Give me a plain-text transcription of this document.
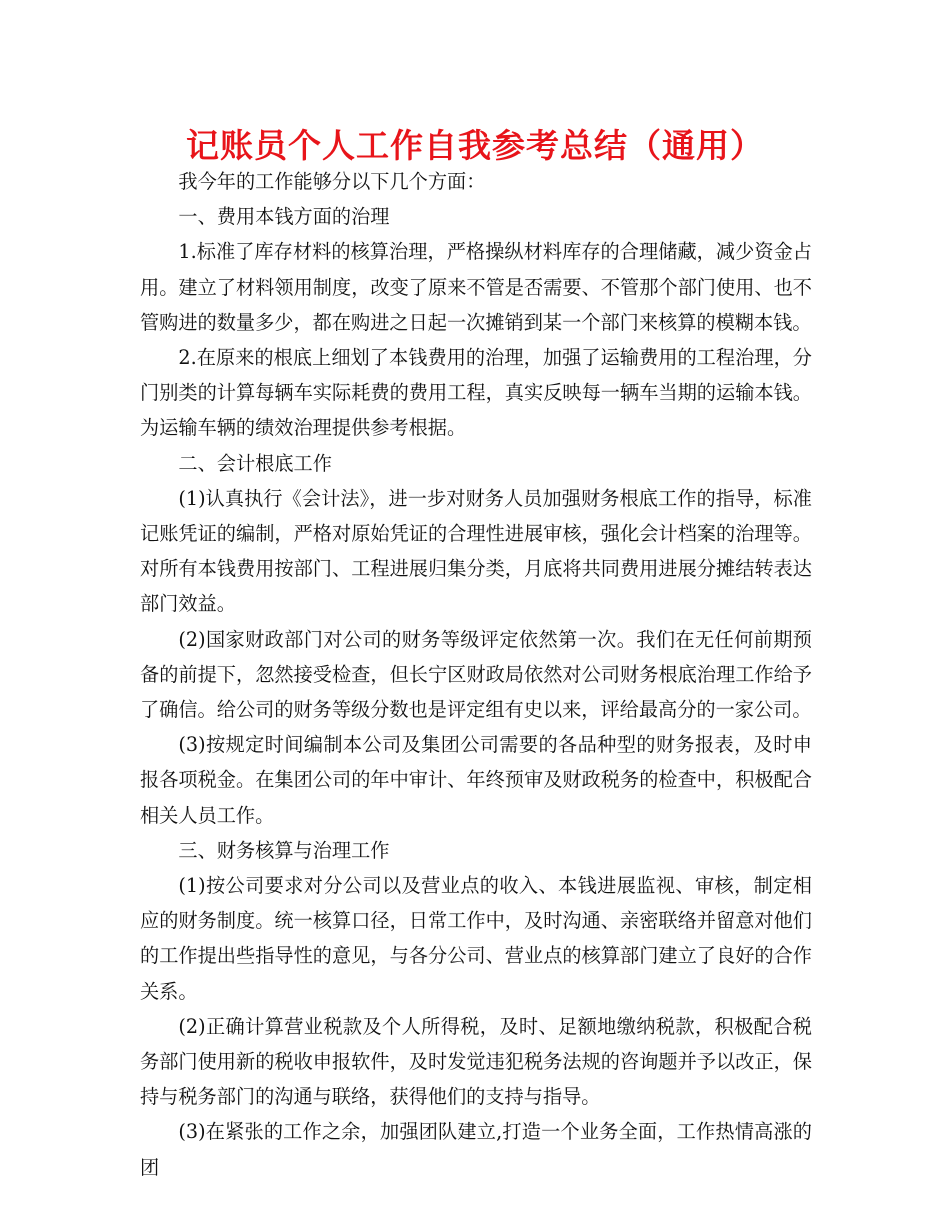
记账员个人工作自我参考总结（通用）

我今年的工作能够分以下几个方面：

一、费用本钱方面的治理

1.标准了库存材料的核算治理，严格操纵材料库存的合理储藏，减少资金占用。建立了材料领用制度，改变了原来不管是否需要、不管那个部门使用、也不管购进的数量多少，都在购进之日起一次摊销到某一个部门来核算的模糊本钱。

2.在原来的根底上细划了本钱费用的治理，加强了运输费用的工程治理，分门别类的计算每辆车实际耗费的费用工程，真实反映每一辆车当期的运输本钱。为运输车辆的绩效治理提供参考根据。

二、会计根底工作

(1)认真执行《会计法》，进一步对财务人员加强财务根底工作的指导，标准记账凭证的编制，严格对原始凭证的合理性进展审核，强化会计档案的治理等。对所有本钱费用按部门、工程进展归集分类，月底将共同费用进展分摊结转表达部门效益。

(2)国家财政部门对公司的财务等级评定依然第一次。我们在无任何前期预备的前提下，忽然接受检查，但长宁区财政局依然对公司财务根底治理工作给予了确信。给公司的财务等级分数也是评定组有史以来，评给最高分的一家公司。

(3)按规定时间编制本公司及集团公司需要的各品种型的财务报表，及时申报各项税金。在集团公司的年中审计、年终预审及财政税务的检查中，积极配合相关人员工作。

三、财务核算与治理工作

(1)按公司要求对分公司以及营业点的收入、本钱进展监视、审核，制定相应的财务制度。统一核算口径，日常工作中，及时沟通、亲密联络并留意对他们的工作提出些指导性的意见，与各分公司、营业点的核算部门建立了良好的合作关系。

(2)正确计算营业税款及个人所得税，及时、足额地缴纳税款，积极配合税务部门使用新的税收申报软件，及时发觉违犯税务法规的咨询题并予以改正，保持与税务部门的沟通与联络，获得他们的支持与指导。

(3)在紧张的工作之余，加强团队建立,打造一个业务全面，工作热情高涨的团
